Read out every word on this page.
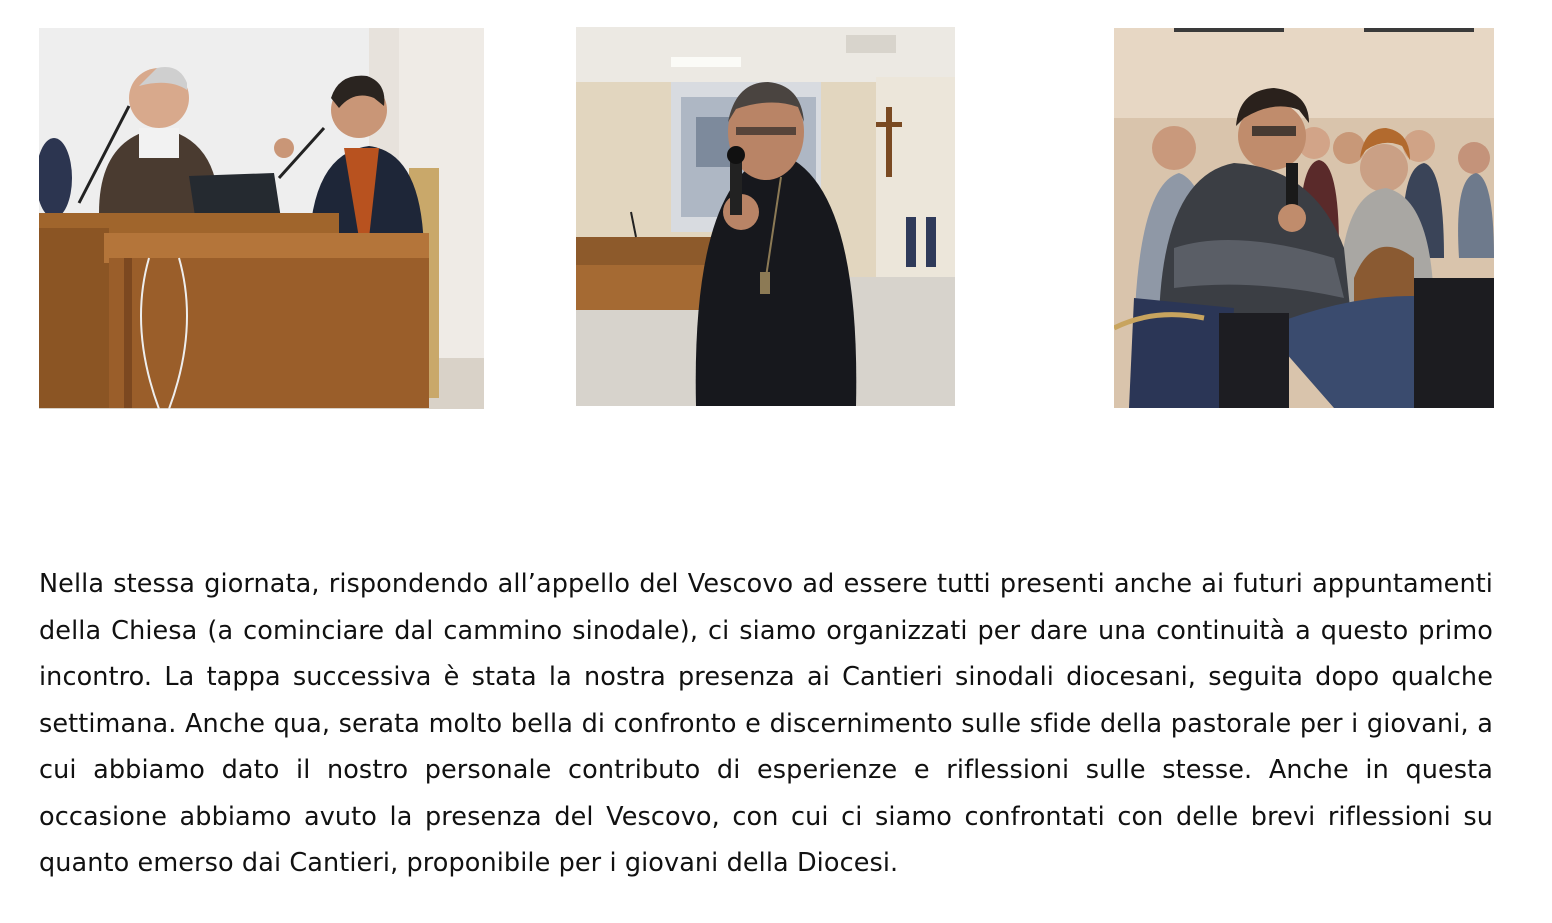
Nella stessa giornata, rispondendo all’appello del Vescovo ad essere tutti presenti anche ai futuri appuntamenti della Chiesa (a cominciare dal cammino sinodale), ci siamo organizzati per dare una continuità a questo primo incontro. La tappa successiva è stata la nostra presenza ai Cantieri sinodali diocesani, seguita dopo qualche settimana. Anche qua, serata molto bella di confronto e discernimento sulle sfide della pastorale per i giovani, a cui abbiamo dato il nostro personale contributo di esperienze e riflessioni sulle stesse. Anche in questa occasione abbiamo avuto la presenza del Vescovo, con cui ci siamo confrontati con delle brevi riflessioni su quanto emerso dai Cantieri, proponibile per i giovani della Diocesi.
